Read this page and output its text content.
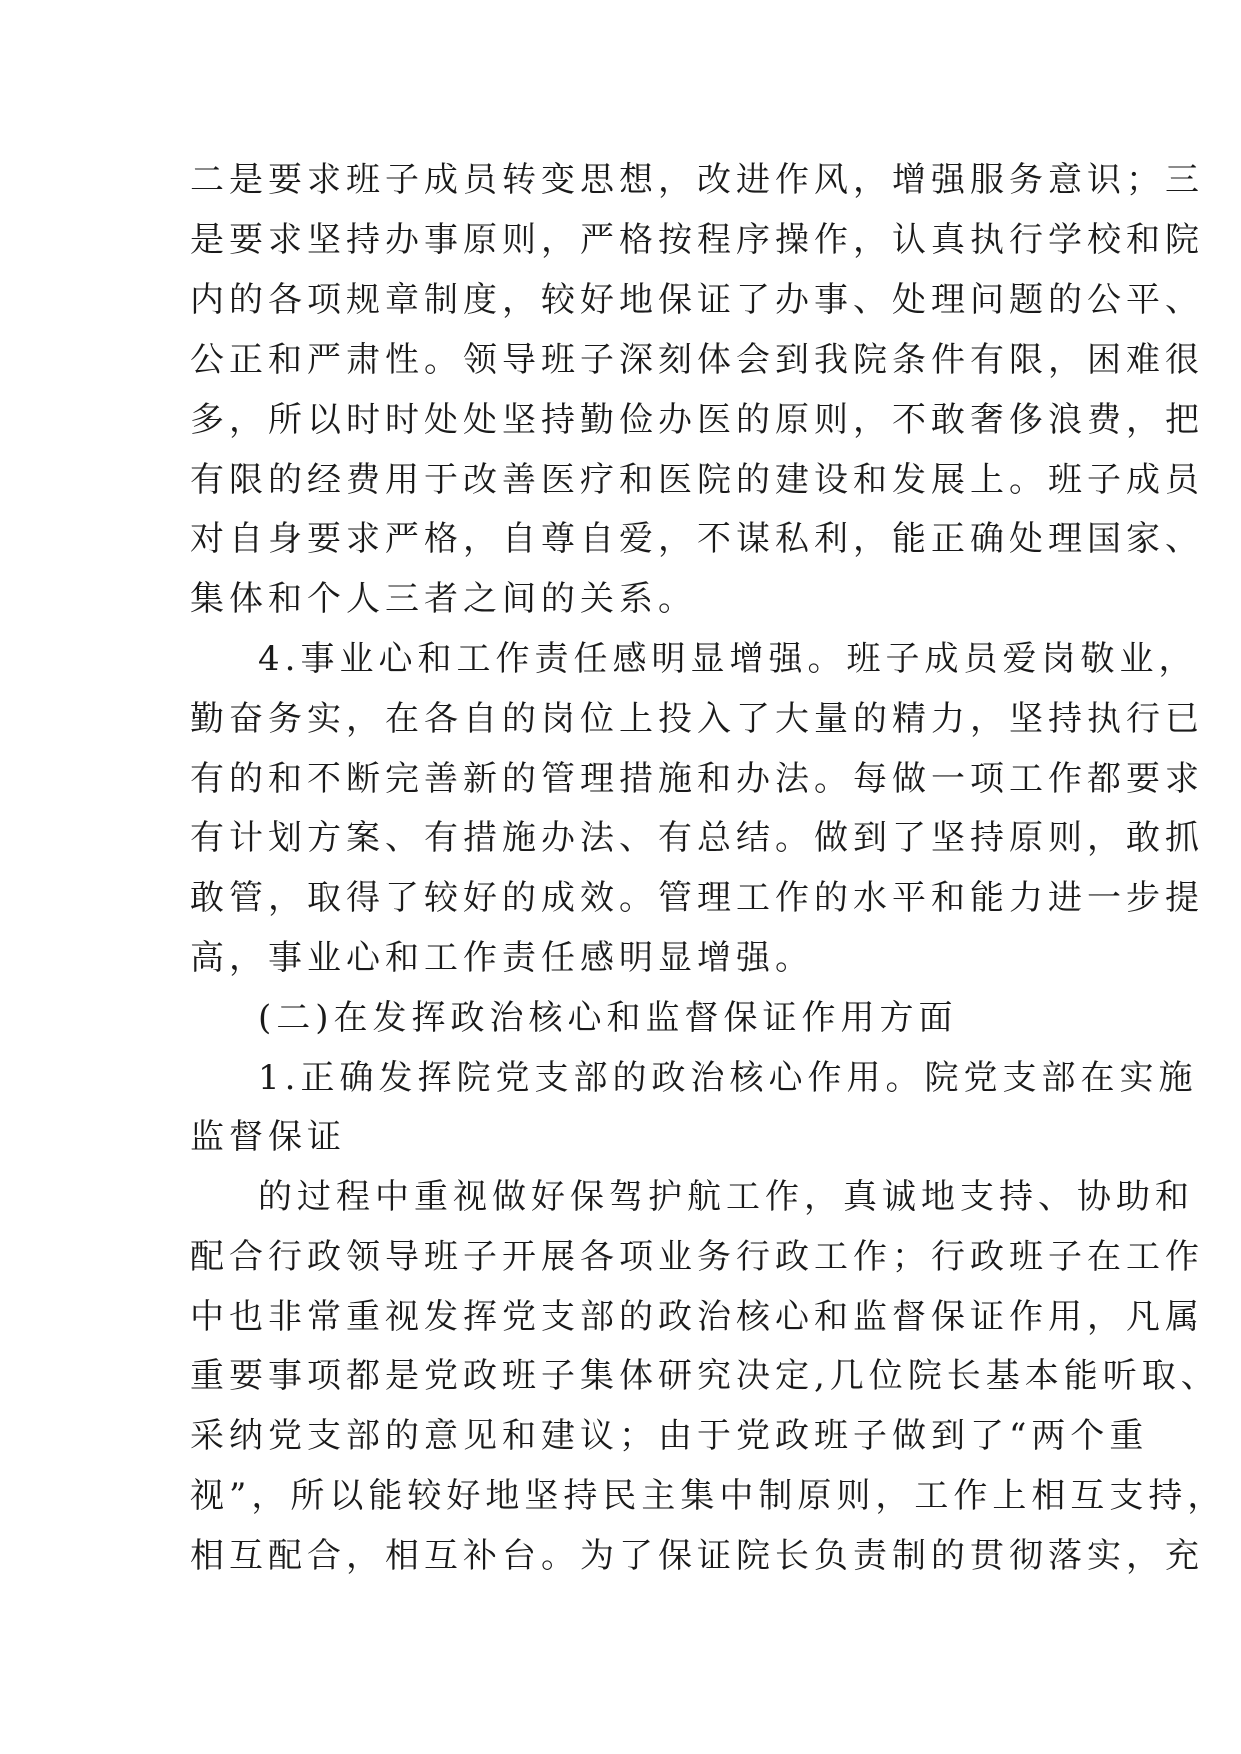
二是要求班子成员转变思想，改进作风，增强服务意识；三
是要求坚持办事原则，严格按程序操作，认真执行学校和院
内的各项规章制度，较好地保证了办事、处理问题的公平、
公正和严肃性。领导班子深刻体会到我院条件有限，困难很
多，所以时时处处坚持勤俭办医的原则，不敢奢侈浪费，把
有限的经费用于改善医疗和医院的建设和发展上。班子成员
对自身要求严格，自尊自爱，不谋私利，能正确处理国家、
集体和个人三者之间的关系。
4.事业心和工作责任感明显增强。班子成员爱岗敬业，
勤奋务实，在各自的岗位上投入了大量的精力，坚持执行已
有的和不断完善新的管理措施和办法。每做一项工作都要求
有计划方案、有措施办法、有总结。做到了坚持原则，敢抓
敢管，取得了较好的成效。管理工作的水平和能力进一步提
高，事业心和工作责任感明显增强。
(二)在发挥政治核心和监督保证作用方面
1.正确发挥院党支部的政治核心作用。院党支部在实施
监督保证
的过程中重视做好保驾护航工作，真诚地支持、协助和
配合行政领导班子开展各项业务行政工作；行政班子在工作
中也非常重视发挥党支部的政治核心和监督保证作用，凡属
重要事项都是党政班子集体研究决定,几位院长基本能听取、
采纳党支部的意见和建议；由于党政班子做到了“两个重
视”，所以能较好地坚持民主集中制原则，工作上相互支持，
相互配合，相互补台。为了保证院长负责制的贯彻落实，充
